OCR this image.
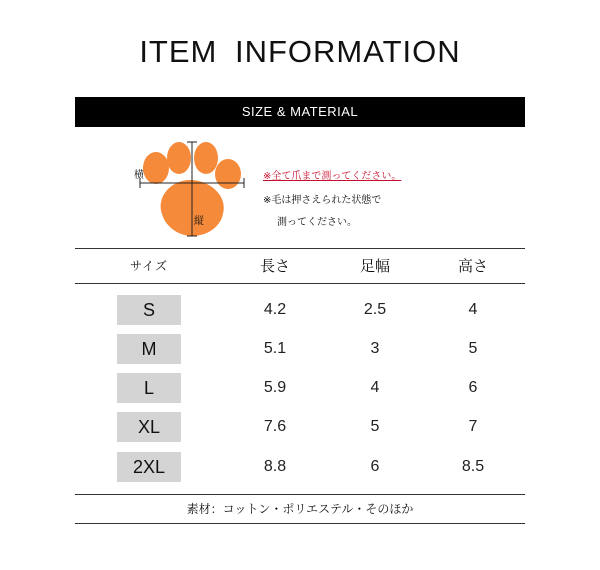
ITEM INFORMATION
SIZE & MATERIAL
横
縦
※全て爪まで測ってください。
※毛は押さえられた状態で
測ってください。
サイズ	長さ	足幅	高さ
S	4.2	2.5	4
M	5.1	3	5
L	5.9	4	6
XL	7.6	5	7
2XL	8.8	6	8.5
素材：コットン・ポリエステル・そのほか
